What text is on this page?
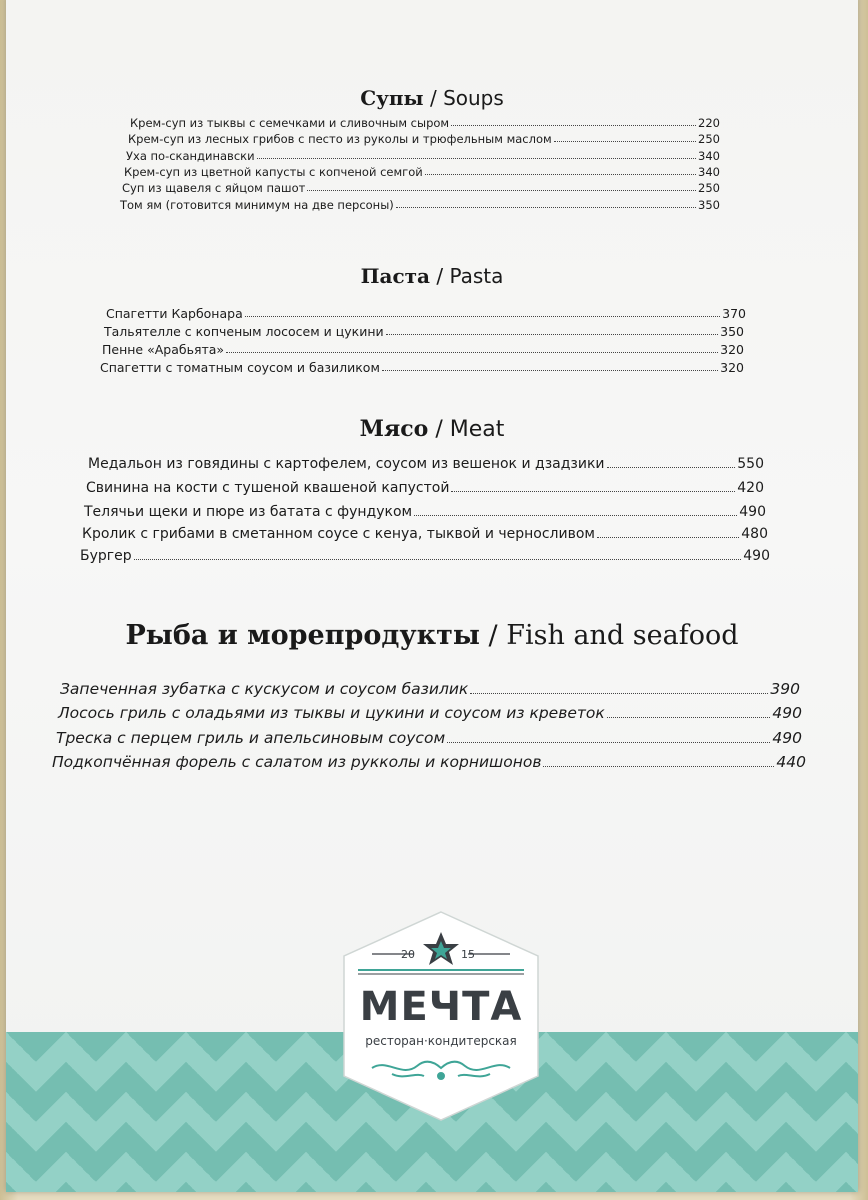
Супы / Soups
Крем-суп из тыквы с семечками и сливочным сыром	220
Крем-суп из лесных грибов с песто из руколы и трюфельным маслом	250
Уха по-скандинавски	340
Крем-суп из цветной капусты с копченой семгой	340
Суп из щавеля с яйцом пашот	250
Том ям (готовится минимум на две персоны)	350
Паста / Pasta
Спагетти Карбонара	370
Тальятелле с копченым лососем и цукини	350
Пенне «Арабьята»	320
Спагетти с томатным соусом и базиликом	320
Мясо / Meat
Медальон из говядины с картофелем, соусом из вешенок и дзадзики	550
Свинина на кости с тушеной квашеной капустой	420
Телячьи щеки и пюре из батата с фундуком	490
Кролик с грибами в сметанном соусе с кенуа, тыквой и черносливом	480
Бургер	490
Рыба и морепродукты / Fish and seafood
Запеченная зубатка с кускусом и соусом базилик	390
Лосось гриль с оладьями из тыквы и цукини и соусом из креветок	490
Треска с перцем гриль и апельсиновым соусом	490
Подкопчённая форель с салатом из рукколы и корнишонов	440
20	15
МЕЧТА
ресторан·кондитерская
